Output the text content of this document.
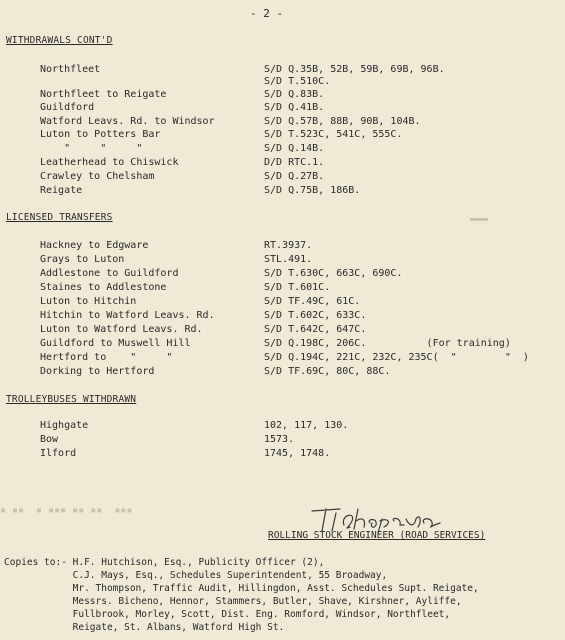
- 2 -
WITHDRAWALS CONT'D
Northfleet	S/D Q.35B, 52B, 59B, 69B, 96B.
S/D T.510C.
Northfleet to Reigate	S/D Q.83B.
Guildford	S/D Q.41B.
Watford Leavs. Rd. to Windsor	S/D Q.57B, 88B, 90B, 104B.
Luton to Potters Bar	S/D T.523C, 541C, 555C.
"     "     "	S/D Q.14B.
Leatherhead to Chiswick	D/D RTC.1.
Crawley to Chelsham	S/D Q.27B.
Reigate	S/D Q.75B, 186B.
LICENSED TRANSFERS
Hackney to Edgware	RT.3937.
Grays to Luton	STL.491.
Addlestone to Guildford	S/D T.630C, 663C, 690C.
Staines to Addlestone	S/D T.601C.
Luton to Hitchin	S/D TF.49C, 61C.
Hitchin to Watford Leavs. Rd.	S/D T.602C, 633C.
Luton to Watford Leavs. Rd.	S/D T.642C, 647C.
Guildford to Muswell Hill	S/D Q.198C, 206C.          (For training)
Hertford to    "     "	S/D Q.194C, 221C, 232C, 235C(  "        "  )
Dorking to Hertford	S/D TF.69C, 80C, 88C.
TROLLEYBUSES WITHDRAWN
Highgate	102, 117, 130.
Bow	1573.
Ilford	1745, 1748.
▬▬▬
▪ ▪▪  ▪ ▪▪▪ ▪▪ ▪▪  ▪▪▪
ROLLING STOCK ENGINEER (ROAD SERVICES)
Copies to:- H.F. Hutchison, Esq., Publicity Officer (2),
C.J. Mays, Esq., Schedules Superintendent, 55 Broadway,
Mr. Thompson, Traffic Audit, Hillingdon, Asst. Schedules Supt. Reigate,
Messrs. Bicheno, Hennor, Stammers, Butler, Shave, Kirshner, Ayliffe,
Fullbrook, Morley, Scott, Dist. Eng. Romford, Windsor, Northfleet,
Reigate, St. Albans, Watford High St.
